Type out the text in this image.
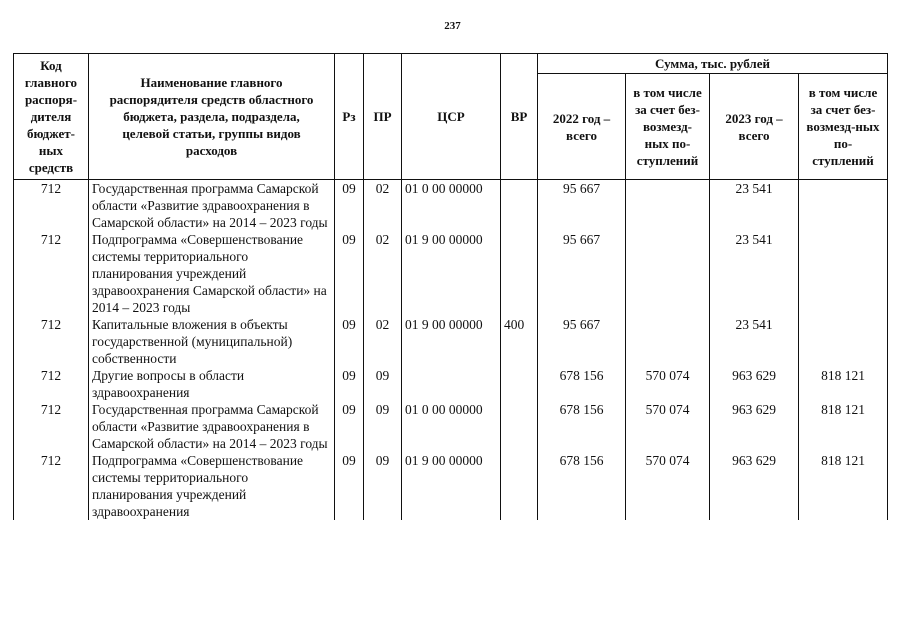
237
Код главного распоря-дителя бюджет-ных средств	Наименование главного распорядителя средств областного бюджета, раздела, подраздела, целевой статьи, группы видов расходов	Рз	ПР	ЦСР	ВР	Сумма, тыс. рублей			
						2022 год – всего	в том числе за счет без-возмезд-ных по-ступлений	2023 год – всего	в том числе за счет без-возмезд-ных по-ступлений
712	Государственная программа Самарской области «Развитие здравоохранения в Самарской области» на 2014 – 2023 годы	09	02	01 0 00 00000		95 667		23 541	
712	Подпрограмма «Совершенствование системы территориального планирования учреждений здравоохранения Самарской области» на 2014 – 2023 годы	09	02	01 9 00 00000		95 667		23 541	
712	Капитальные вложения в объекты государственной (муниципальной) собственности	09	02	01 9 00 00000	400	95 667		23 541	
712	Другие вопросы в области здравоохранения	09	09			678 156	570 074	963 629	818 121
712	Государственная программа Самарской области «Развитие здравоохранения в Самарской области» на 2014 – 2023 годы	09	09	01 0 00 00000		678 156	570 074	963 629	818 121
712	Подпрограмма «Совершенствование системы территориального планирования учреждений здравоохранения	09	09	01 9 00 00000		678 156	570 074	963 629	818 121
